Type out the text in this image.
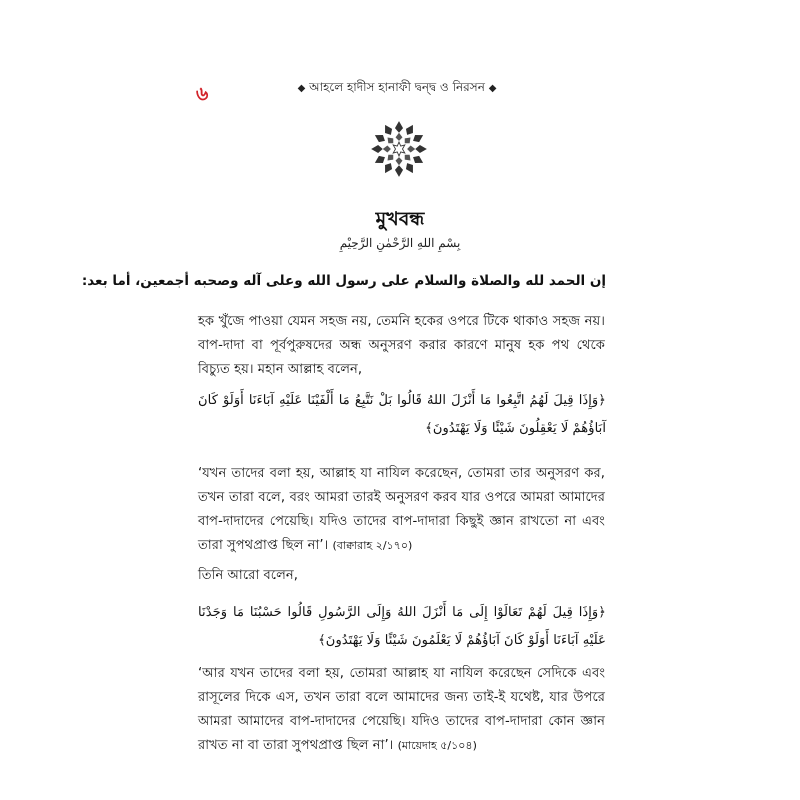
৬	◆ আহলে হাদীস হানাফী দ্বন্দ্ব ও নিরসন ◆
মুখবন্ধ
بِسْمِ اللهِ الرَّحْمٰنِ الرَّحِيْمِ
إن الحمد لله والصلاة والسلام على رسول الله وعلى آله وصحبه أجمعين، أما بعد:
হক খুঁজে পাওয়া যেমন সহজ নয়, তেমনি হকের ওপরে টিকে থাকাও সহজ নয়। বাপ-দাদা বা পূর্বপুরুষদের অন্ধ অনুসরণ করার কারণে মানুষ হক পথ থেকে বিচ্যুত হয়। মহান আল্লাহ বলেন,
﴿وَإِذَا قِيلَ لَهُمُ اتَّبِعُوا مَا أَنْزَلَ اللهُ قَالُوا بَلْ نَتَّبِعُ مَا أَلْفَيْنَا عَلَيْهِ آبَاءَنَا أَوَلَوْ كَانَ آبَاؤُهُمْ لَا يَعْقِلُونَ شَيْئًا وَلَا يَهْتَدُونَ﴾
‘যখন তাদের বলা হয়, আল্লাহ যা নাযিল করেছেন, তোমরা তার অনুসরণ কর, তখন তারা বলে, বরং আমরা তারই অনুসরণ করব যার ওপরে আমরা আমাদের বাপ-দাদাদের পেয়েছি। যদিও তাদের বাপ-দাদারা কিছুই জ্ঞান রাখতো না এবং তারা সুপথপ্রাপ্ত ছিল না’। (বাক্বারাহ ২/১৭০)
তিনি আরো বলেন,
﴿وَإِذَا قِيلَ لَهُمْ تَعَالَوْا إِلَى مَا أَنْزَلَ اللهُ وَإِلَى الرَّسُولِ قَالُوا حَسْبُنَا مَا وَجَدْنَا عَلَيْهِ آبَاءَنَا أَوَلَوْ كَانَ آبَاؤُهُمْ لَا يَعْلَمُونَ شَيْئًا وَلَا يَهْتَدُونَ﴾
‘আর যখন তাদের বলা হয়, তোমরা আল্লাহ যা নাযিল করেছেন সেদিকে এবং রাসূলের দিকে এস, তখন তারা বলে আমাদের জন্য তাই-ই যথেষ্ট, যার উপরে আমরা আমাদের বাপ-দাদাদের পেয়েছি। যদিও তাদের বাপ-দাদারা কোন জ্ঞান রাখত না বা তারা সুপথপ্রাপ্ত ছিল না’। (মায়েদাহ ৫/১০৪)
